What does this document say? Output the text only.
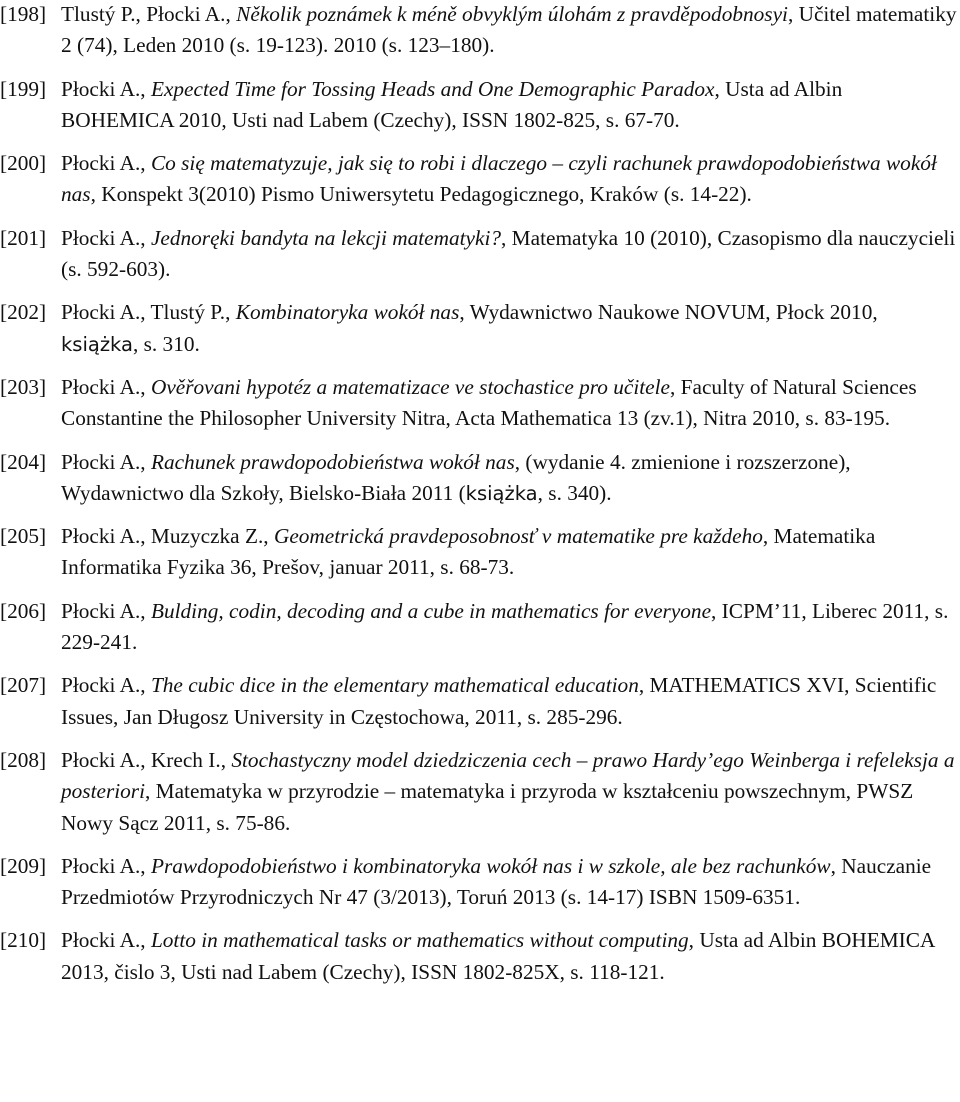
[198] Tlustý P., Płocki A., Několik poznámek k méně obvyklým úlohám z pravděpodobnosyi, Učitel matematiky 2 (74), Leden 2010 (s. 19-123). 2010 (s. 123–180).
[199] Płocki A., Expected Time for Tossing Heads and One Demographic Paradox, Usta ad Albin BOHEMICA 2010, Usti nad Labem (Czechy), ISSN 1802-825, s. 67-70.
[200] Płocki A., Co się matematyzuje, jak się to robi i dlaczego – czyli rachunek prawdopodobieństwa wokół nas, Konspekt 3(2010) Pismo Uniwersytetu Pedagogicznego, Kraków (s. 14-22).
[201] Płocki A., Jednoręki bandyta na lekcji matematyki?, Matematyka 10 (2010), Czasopismo dla nauczycieli (s. 592-603).
[202] Płocki A., Tlustý P., Kombinatoryka wokół nas, Wydawnictwo Naukowe NOVUM, Płock 2010, książka, s. 310.
[203] Płocki A., Ověřovani hypotéz a matematizace ve stochastice pro učitele, Faculty of Natural Sciences Constantine the Philosopher University Nitra, Acta Mathematica 13 (zv.1), Nitra 2010, s. 83-195.
[204] Płocki A., Rachunek prawdopodobieństwa wokół nas, (wydanie 4. zmienione i rozszerzone), Wydawnictwo dla Szkoły, Bielsko-Biała 2011 (książka, s. 340).
[205] Płocki A., Muzyczka Z., Geometrická pravdeposobnosť v matematike pre každeho, Matematika Informatika Fyzika 36, Prešov, januar 2011, s. 68-73.
[206] Płocki A., Bulding, codin, decoding and a cube in mathematics for everyone, ICPM’11, Liberec 2011, s. 229-241.
[207] Płocki A., The cubic dice in the elementary mathematical education, MATHEMATICS XVI, Scientific Issues, Jan Długosz University in Częstochowa, 2011, s. 285-296.
[208] Płocki A., Krech I., Stochastyczny model dziedziczenia cech – prawo Hardy’ego Weinberga i refeleksja a posteriori, Matematyka w przyrodzie – matematyka i przyroda w kształceniu powszechnym, PWSZ Nowy Sącz 2011, s. 75-86.
[209] Płocki A., Prawdopodobieństwo i kombinatoryka wokół nas i w szkole, ale bez rachunków, Nauczanie Przedmiotów Przyrodniczych Nr 47 (3/2013), Toruń 2013 (s. 14-17) ISBN 1509-6351.
[210] Płocki A., Lotto in mathematical tasks or mathematics without computing, Usta ad Albin BOHEMICA 2013, čislo 3, Usti nad Labem (Czechy), ISSN 1802-825X, s. 118-121.
